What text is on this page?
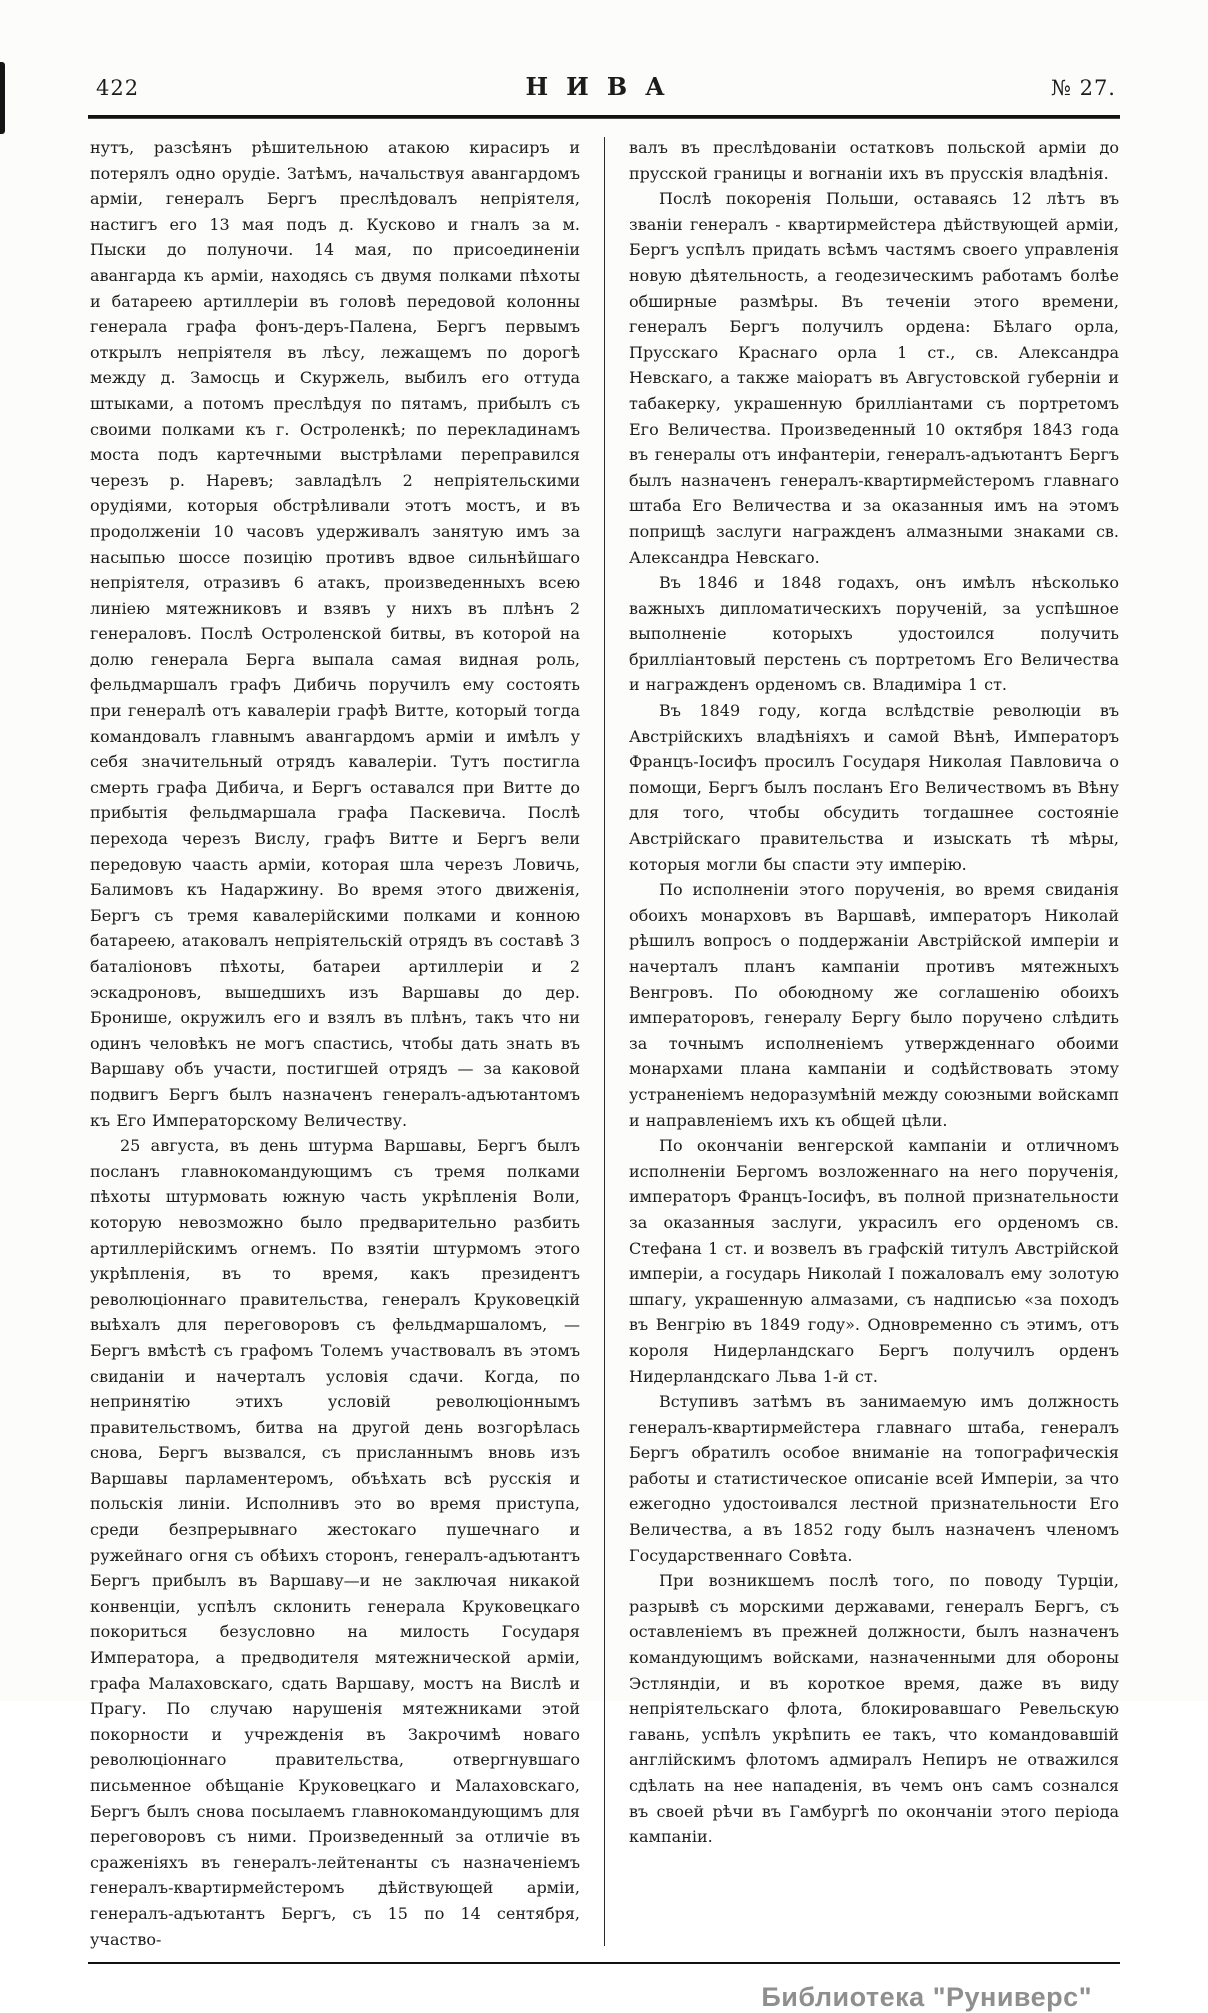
422	НИВА	№ 27.

нутъ, разсѣянъ рѣшительною атакою кирасиръ и потерялъ одно орудіе. Затѣмъ, начальствуя авангардомъ арміи, генералъ Бергъ преслѣдовалъ непріятеля, настигъ его 13 мая подъ д. Кусково и гналъ за м. Пыски до полуночи. 14 мая, по присоединеніи авангарда къ арміи, находясь съ двумя полками пѣхоты и батареею артиллеріи въ головѣ передовой колонны генерала графа фонъ-деръ-Палена, Бергъ первымъ открылъ непріятеля въ лѣсу, лежащемъ по дорогѣ между д. Замосць и Скуржель, выбилъ его оттуда штыками, а потомъ преслѣдуя по пятамъ, прибылъ съ своими полками къ г. Остроленкѣ; по перекладинамъ моста подъ картечными выстрѣлами переправился черезъ р. Наревъ; завладѣлъ 2 непріятельскими орудіями, которыя обстрѣливали этотъ мостъ, и въ продолженіи 10 часовъ удерживалъ занятую имъ за насыпью шоссе позицію противъ вдвое сильнѣйшаго непріятеля, отразивъ 6 атакъ, произведенныхъ всею линіею мятежниковъ и взявъ у нихъ въ плѣнъ 2 генераловъ. Послѣ Остроленской битвы, въ которой на долю генерала Берга выпала самая видная роль, фельдмаршалъ графъ Дибичь поручилъ ему состоять при генералѣ отъ кавалеріи графѣ Витте, который тогда командовалъ главнымъ авангардомъ арміи и имѣлъ у себя значительный отрядъ кавалеріи. Тутъ постигла смерть графа Дибича, и Бергъ оставался при Витте до прибытія фельдмаршала графа Паскевича. Послѣ перехода черезъ Вислу, графъ Витте и Бергъ вели передовую чаасть арміи, которая шла черезъ Ловичь, Балимовъ къ Надаржину. Во время этого движенія, Бергъ съ тремя кавалерійскими полками и конною батареею, атаковалъ непріятельскій отрядъ въ составѣ 3 баталіоновъ пѣхоты, батареи артиллеріи и 2 эскадроновъ, вышедшихъ изъ Варшавы до дер. Бронише, окружилъ его и взялъ въ плѣнъ, такъ что ни одинъ человѣкъ не могъ спастись, чтобы дать знать въ Варшаву объ участи, постигшей отрядъ — за каковой подвигъ Бергъ былъ назначенъ генералъ-адъютантомъ къ Его Императорскому Величеству.

25 августа, въ день штурма Варшавы, Бергъ былъ посланъ главнокомандующимъ съ тремя полками пѣхоты штурмовать южную часть укрѣпленія Воли, которую невозможно было предварительно разбить артиллерійскимъ огнемъ. По взятіи штурмомъ этого укрѣпленія, въ то время, какъ президентъ революціоннаго правительства, генералъ Круковецкій выѣхалъ для переговоровъ съ фельдмаршаломъ, — Бергъ вмѣстѣ съ графомъ Толемъ участвовалъ въ этомъ свиданіи и начерталъ условія сдачи. Когда, по непринятію этихъ условій революціоннымъ правительствомъ, битва на другой день возгорѣлась снова, Бергъ вызвался, съ присланнымъ вновь изъ Варшавы парламентеромъ, объѣхать всѣ русскія и польскія линіи. Исполнивъ это во время приступа, среди безпрерывнаго жестокаго пушечнаго и ружейнаго огня съ обѣихъ сторонъ, генералъ-адъютантъ Бергъ прибылъ въ Варшаву—и не заключая никакой конвенціи, успѣлъ склонить генерала Круковецкаго покориться безусловно на милость Государя Императора, а предводителя мятежнической арміи, графа Малаховскаго, сдать Варшаву, мостъ на Вислѣ и Прагу. По случаю нарушенія мятежниками этой покорности и учрежденія въ Закрочимѣ новаго революціоннаго правительства, отвергнувшаго письменное обѣщаніе Круковецкаго и Малаховскаго, Бергъ былъ снова посылаемъ главнокомандующимъ для переговоровъ съ ними. Произведенный за отличіе въ сраженіяхъ въ генералъ-лейтенанты съ назначеніемъ генералъ-квартирмейстеромъ дѣйствующей арміи, генералъ-адъютантъ Бергъ, съ 15 по 14 сентября, участво-

валъ въ преслѣдованіи остатковъ польской арміи до прусской границы и вогнаніи ихъ въ прусскія владѣнія.

Послѣ покоренія Польши, оставаясь 12 лѣтъ въ званіи генералъ - квартирмейстера дѣйствующей арміи, Бергъ успѣлъ придать всѣмъ частямъ своего управленія новую дѣятельность, а геодезическимъ работамъ болѣе обширные размѣры. Въ теченіи этого времени, генералъ Бергъ получилъ ордена: Бѣлаго орла, Прусскаго Краснаго орла 1 ст., св. Александра Невскаго, а также маіоратъ въ Августовской губерніи и табакерку, украшенную брилліантами съ портретомъ Его Величества. Произведенный 10 октября 1843 года въ генералы отъ инфантеріи, генералъ-адъютантъ Бергъ былъ назначенъ генералъ-квартирмейстеромъ главнаго штаба Его Величества и за оказанныя имъ на этомъ поприщѣ заслуги награжденъ алмазными знаками св. Александра Невскаго.

Въ 1846 и 1848 годахъ, онъ имѣлъ нѣсколько важныхъ дипломатическихъ порученій, за успѣшное выполненіе которыхъ удостоился получить брилліантовый перстень съ портретомъ Его Величества и награжденъ орденомъ св. Владиміра 1 ст.

Въ 1849 году, когда вслѣдствіе революціи въ Австрійскихъ владѣніяхъ и самой Вѣнѣ, Императоръ Францъ-Іосифъ просилъ Государя Николая Павловича о помощи, Бергъ былъ посланъ Его Величествомъ въ Вѣну для того, чтобы обсудить тогдашнее состояніе Австрійскаго правительства и изыскать тѣ мѣры, которыя могли бы спасти эту имперію.

По исполненіи этого порученія, во время свиданія обоихъ монарховъ въ Варшавѣ, императоръ Николай рѣшилъ вопросъ о поддержаніи Австрійской имперіи и начерталъ планъ кампаніи противъ мятежныхъ Венгровъ. По обоюдному же соглашенію обоихъ императоровъ, генералу Бергу было поручено слѣдить за точнымъ исполненіемъ утвержденнаго обоими монархами плана кампаніи и содѣйствовать этому устраненіемъ недоразумѣній между союзными войскамп и направленіемъ ихъ къ общей цѣли.

По окончаніи венгерской кампаніи и отличномъ исполненіи Бергомъ возложеннаго на него порученія, императоръ Францъ-Іосифъ, въ полной признательности за оказанныя заслуги, украсилъ его орденомъ св. Стефана 1 ст. и возвелъ въ графскій титулъ Австрійской имперіи, а государь Николай I пожаловалъ ему золотую шпагу, украшенную алмазами, съ надписью «за походъ въ Венгрію въ 1849 году». Одновременно съ этимъ, отъ короля Нидерландскаго Бергъ получилъ орденъ Нидерландскаго Льва 1-й ст.

Вступивъ затѣмъ въ занимаемую имъ должность генералъ-квартирмейстера главнаго штаба, генералъ Бергъ обратилъ особое вниманіе на топографическія работы и статистическое описаніе всей Имперіи, за что ежегодно удостоивался лестной признательности Его Величества, а въ 1852 году былъ назначенъ членомъ Государственнаго Совѣта.

При возникшемъ послѣ того, по поводу Турціи, разрывѣ съ морскими державами, генералъ Бергъ, съ оставленіемъ въ прежней должности, былъ назначенъ командующимъ войсками, назначенными для обороны Эстляндіи, и въ короткое время, даже въ виду непріятельскаго флота, блокировавшаго Ревельскую гавань, успѣлъ укрѣпить ее такъ, что командовавшій англійскимъ флотомъ адмиралъ Непиръ не отважился сдѣлать на нее нападенія, въ чемъ онъ самъ сознался въ своей рѣчи въ Гамбургѣ по окончаніи этого періода кампаніи.

Библиотека "Руниверс"
